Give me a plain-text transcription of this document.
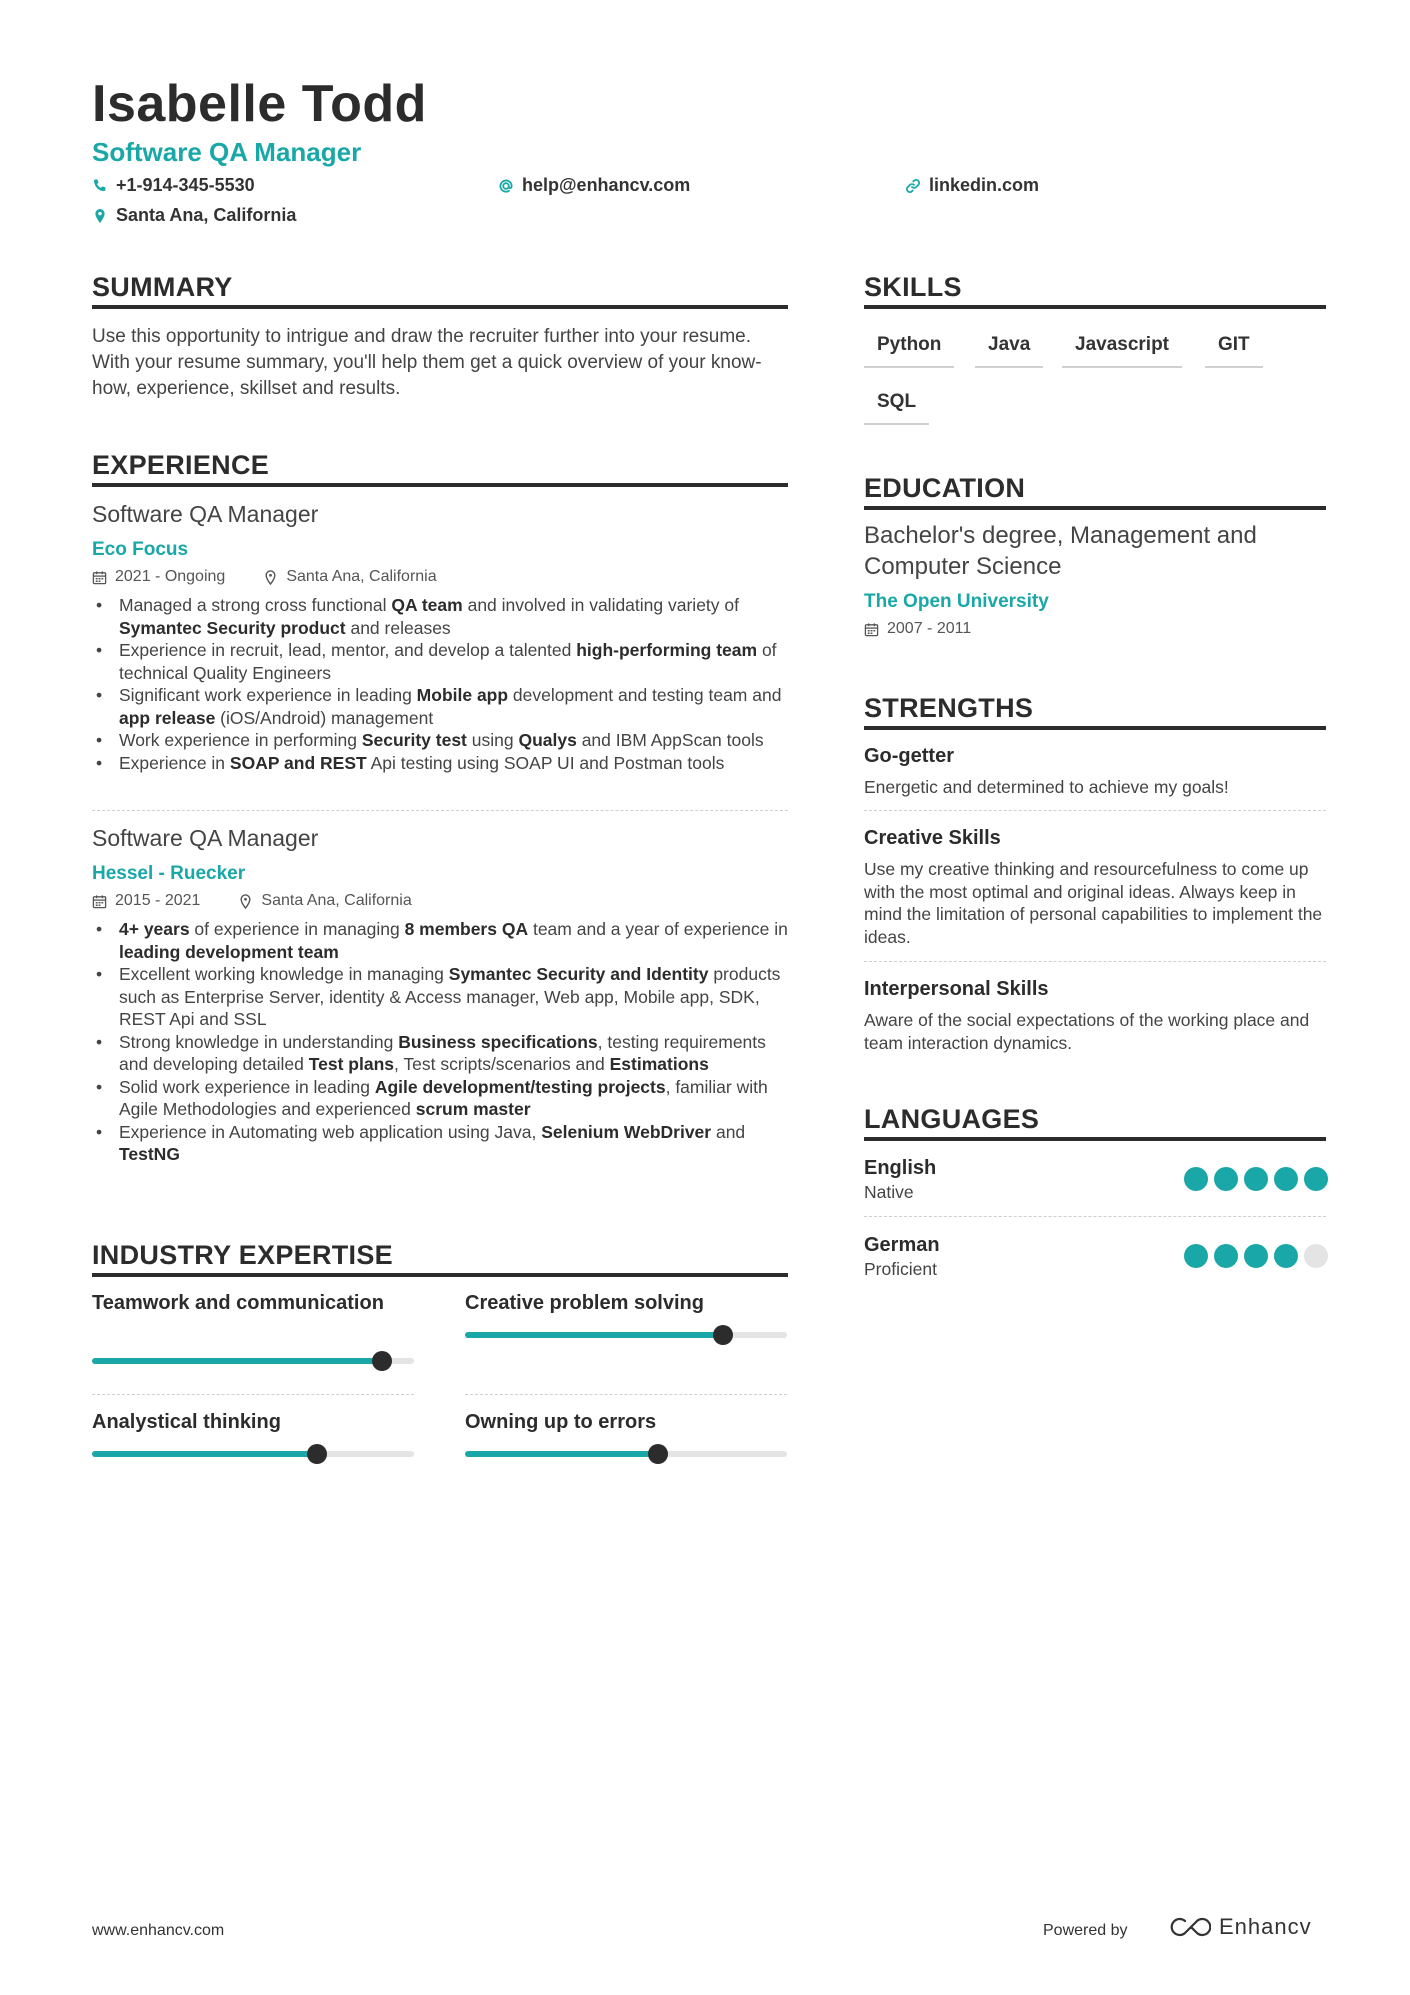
Isabelle Todd
Software QA Manager
+1-914-345-5530	help@enhancv.com	linkedin.com
Santa Ana, California
SUMMARY
Use this opportunity to intrigue and draw the recruiter further into your resume. With your resume summary, you'll help them get a quick overview of your know-how, experience, skillset and results.
EXPERIENCE
Software QA Manager
Eco Focus
2021 - Ongoing	Santa Ana, California
• Managed a strong cross functional QA team and involved in validating variety of Symantec Security product and releases
• Experience in recruit, lead, mentor, and develop a talented high-performing team of technical Quality Engineers
• Significant work experience in leading Mobile app development and testing team and app release (iOS/Android) management
• Work experience in performing Security test using Qualys and IBM AppScan tools
• Experience in SOAP and REST Api testing using SOAP UI and Postman tools
Software QA Manager
Hessel - Ruecker
2015 - 2021	Santa Ana, California
• 4+ years of experience in managing 8 members QA team and a year of experience in leading development team
• Excellent working knowledge in managing Symantec Security and Identity products such as Enterprise Server, identity & Access manager, Web app, Mobile app, SDK, REST Api and SSL
• Strong knowledge in understanding Business specifications, testing requirements and developing detailed Test plans, Test scripts/scenarios and Estimations
• Solid work experience in leading Agile development/testing projects, familiar with Agile Methodologies and experienced scrum master
• Experience in Automating web application using Java, Selenium WebDriver and TestNG
INDUSTRY EXPERTISE
Teamwork and communication	Creative problem solving
Analystical thinking	Owning up to errors
SKILLS
Python	Java	Javascript	GIT
SQL
EDUCATION
Bachelor's degree, Management and Computer Science
The Open University
2007 - 2011
STRENGTHS
Go-getter
Energetic and determined to achieve my goals!
Creative Skills
Use my creative thinking and resourcefulness to come up with the most optimal and original ideas. Always keep in mind the limitation of personal capabilities to implement the ideas.
Interpersonal Skills
Aware of the social expectations of the working place and team interaction dynamics.
LANGUAGES
English
Native
German
Proficient
www.enhancv.com	Powered by	Enhancv
